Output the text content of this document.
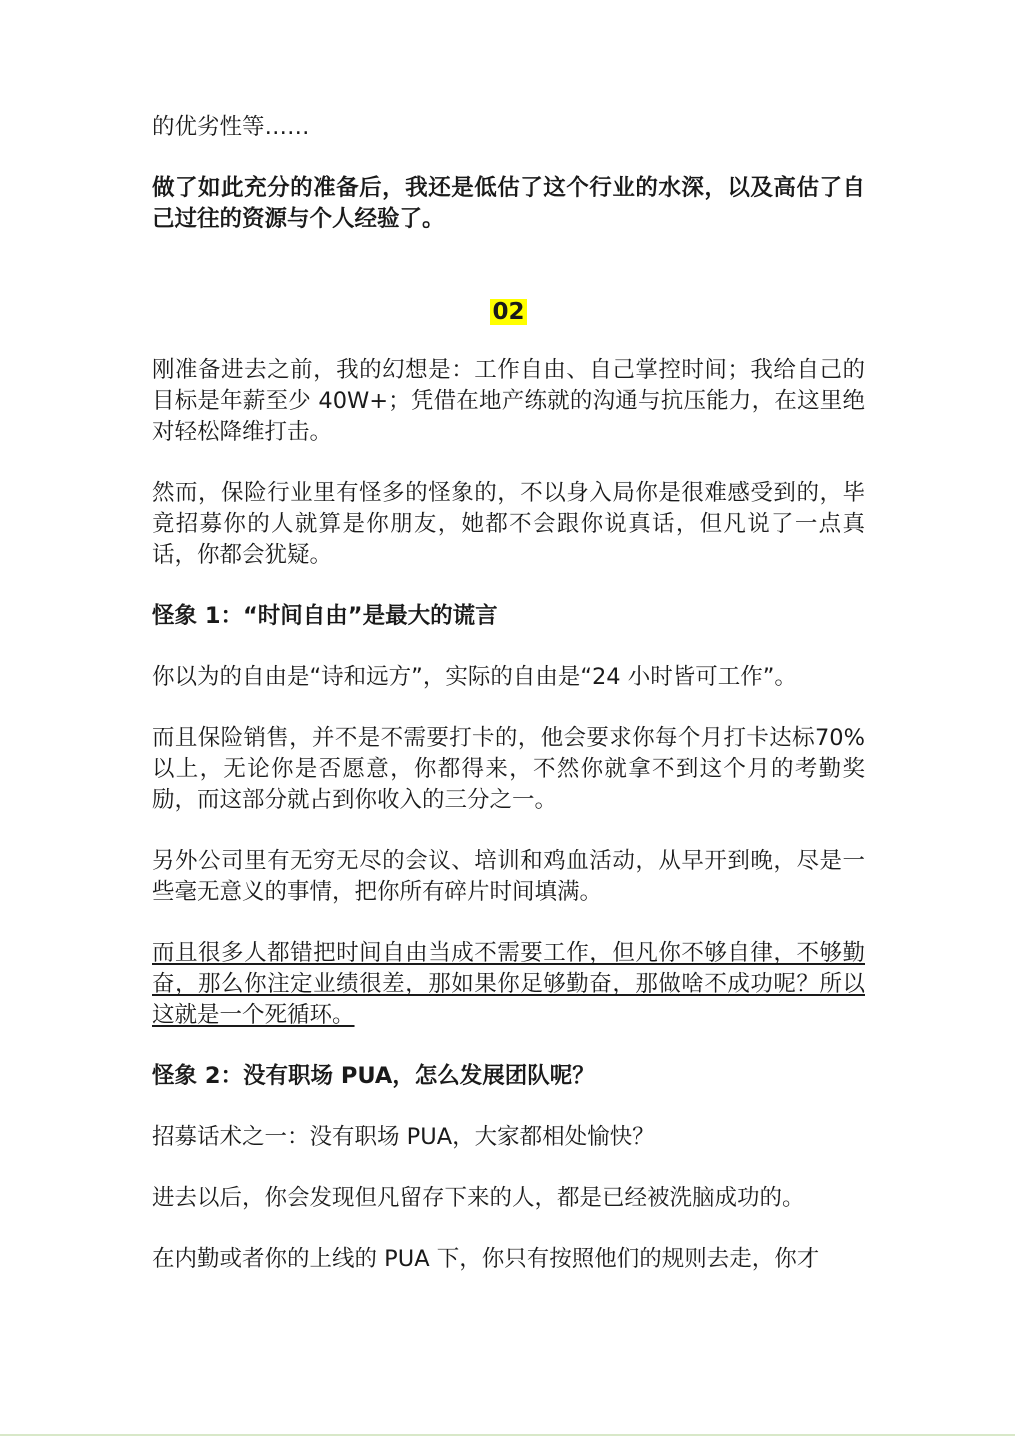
的优劣性等……

做了如此充分的准备后，我还是低估了这个行业的水深，以及高估了自己过往的资源与个人经验了。

02

刚准备进去之前，我的幻想是：工作自由、自己掌控时间；我给自己的目标是年薪至少 40W+；凭借在地产练就的沟通与抗压能力，在这里绝对轻松降维打击。

然而，保险行业里有怪多的怪象的，不以身入局你是很难感受到的，毕竟招募你的人就算是你朋友，她都不会跟你说真话，但凡说了一点真话，你都会犹疑。

怪象 1：“时间自由”是最大的谎言

你以为的自由是“诗和远方”，实际的自由是“24 小时皆可工作”。

而且保险销售，并不是不需要打卡的，他会要求你每个月打卡达标70%以上，无论你是否愿意，你都得来，不然你就拿不到这个月的考勤奖励，而这部分就占到你收入的三分之一。

另外公司里有无穷无尽的会议、培训和鸡血活动，从早开到晚，尽是一些毫无意义的事情，把你所有碎片时间填满。

而且很多人都错把时间自由当成不需要工作，但凡你不够自律，不够勤奋，那么你注定业绩很差，那如果你足够勤奋，那做啥不成功呢？所以这就是一个死循环。

怪象 2：没有职场 PUA，怎么发展团队呢？

招募话术之一：没有职场 PUA，大家都相处愉快？

进去以后，你会发现但凡留存下来的人，都是已经被洗脑成功的。

在内勤或者你的上线的 PUA 下，你只有按照他们的规则去走，你才
